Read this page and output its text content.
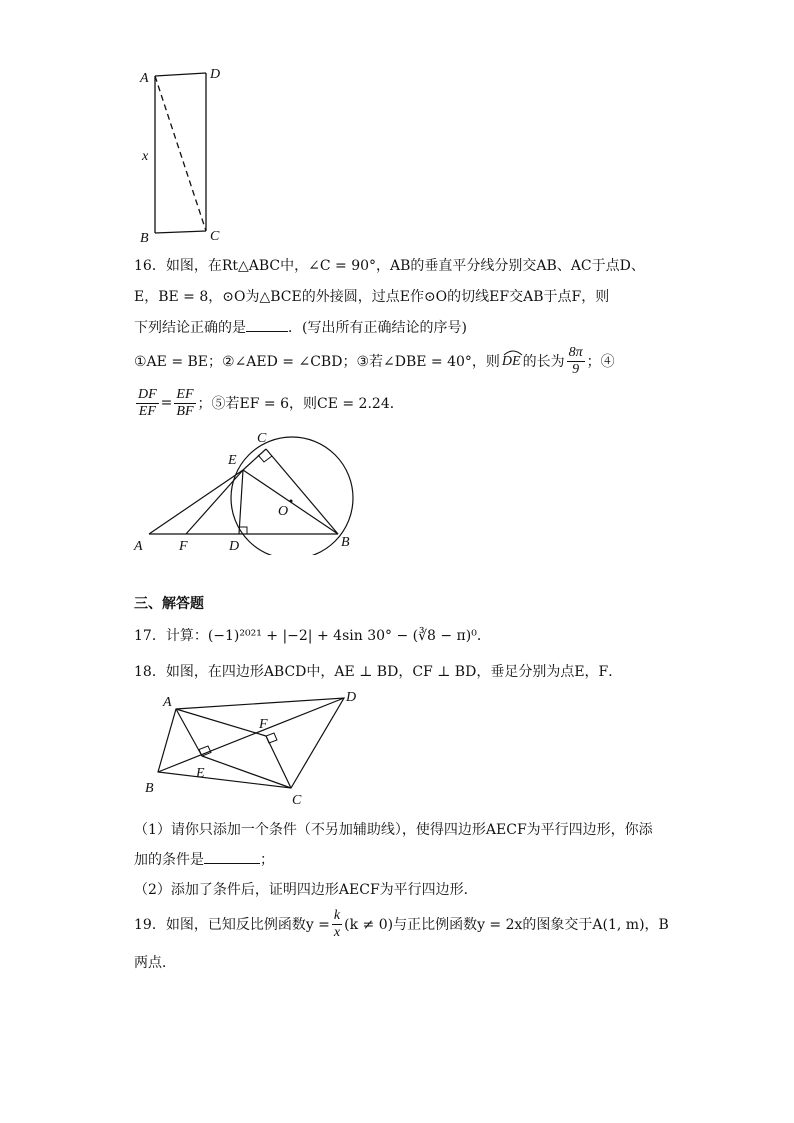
A	D
x
B	C
16．如图，在Rt△ABC中，∠C = 90°，AB的垂直平分线分别交AB、AC于点D、
E，BE = 8，⊙O为△BCE的外接圆，过点E作⊙O的切线EF交AB于点F，则
下列结论正确的是	．(写出所有正确结论的序号)
①AE = BE；②∠AED = ∠CBD；③若∠DBE = 40°，则 DE 的长为 $\frac{8\pi}{9}$ ；④
$\frac{DF}{EF} = \frac{EF}{BF}$ ；⑤若EF = 6，则CE = 2.24．
C
E
O
A	F	D	B
三、解答题
17．计算：(−1)²⁰²¹ + |−2| + 4sin 30° − (∛8 − π)⁰．
18．如图，在四边形ABCD中，AE ⊥ BD，CF ⊥ BD，垂足分别为点E，F．
A	D
F
E
B
C
（1）请你只添加一个条件（不另加辅助线），使得四边形AECF为平行四边形，你添
加的条件是	；
（2）添加了条件后，证明四边形AECF为平行四边形．
19．如图，已知反比例函数$y = \frac{k}{x} (k \ne 0)$与正比例函数y = 2x的图象交于A(1, m)，B
两点．
